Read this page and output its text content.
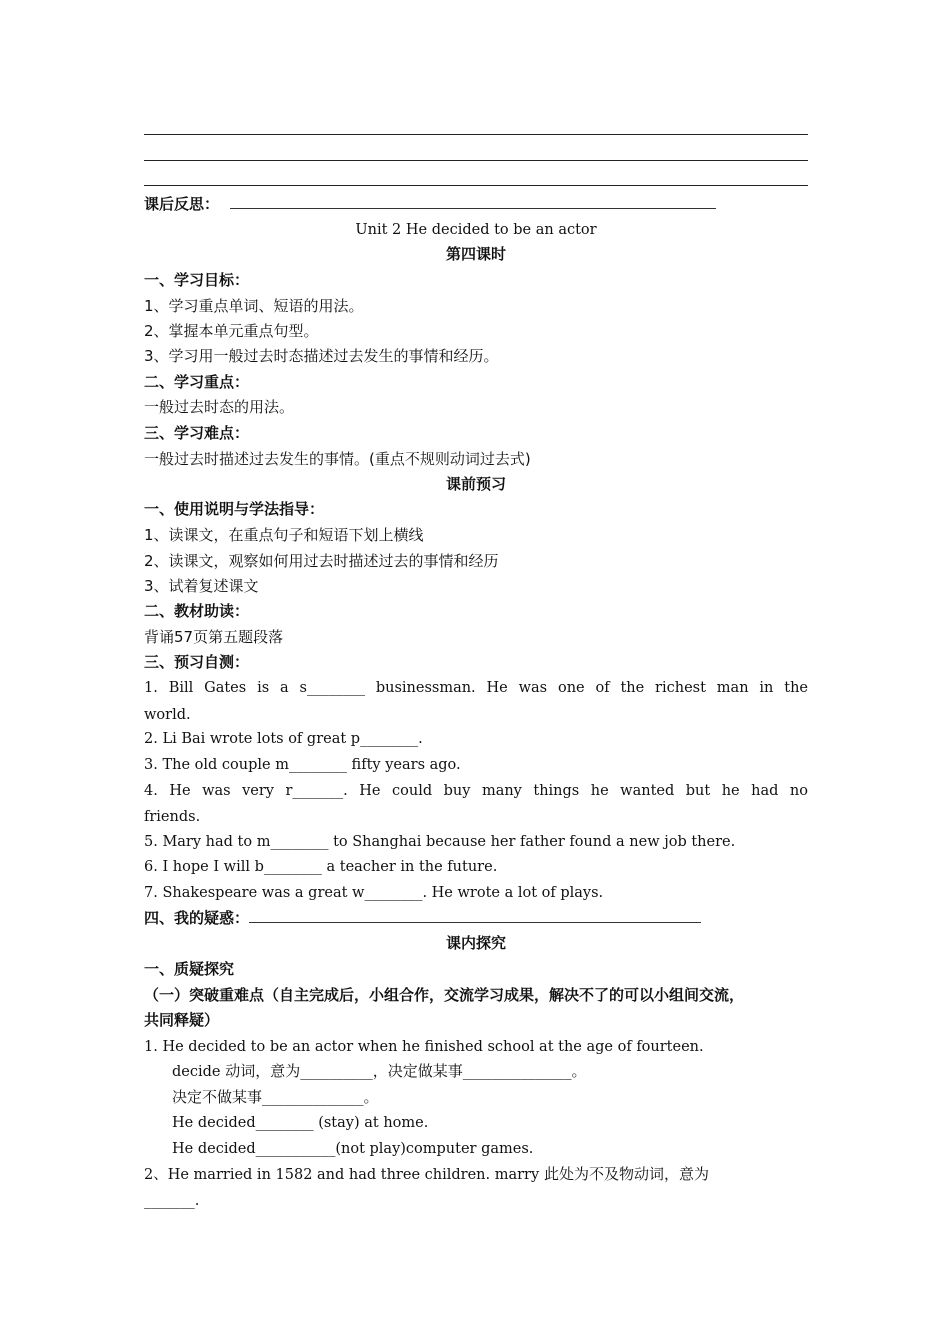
课后反思：
Unit 2 He decided to be an actor
第四课时
一、学习目标：
1、学习重点单词、短语的用法。
2、掌握本单元重点句型。
3、学习用一般过去时态描述过去发生的事情和经历。
二、学习重点：
一般过去时态的用法。
三、学习难点：
一般过去时描述过去发生的事情。(重点不规则动词过去式)
课前预习
一、使用说明与学法指导：
1、读课文，在重点句子和短语下划上横线
2、读课文，观察如何用过去时描述过去的事情和经历
3、试着复述课文
二、教材助读：
背诵57页第五题段落
三、预习自测：
1. Bill Gates is a s________ businessman. He was one of the richest man in the
world.
2. Li Bai wrote lots of great p________.
3. The old couple m________ fifty years ago.
4. He was very r_______. He could buy many things he wanted but he had no
friends.
5. Mary had to m________ to Shanghai because her father found a new job there.
6. I hope I will b________ a teacher in the future.
7. Shakespeare was a great w________. He wrote a lot of plays.
四、我的疑惑：
课内探究
一、质疑探究
（一）突破重难点（自主完成后，小组合作，交流学习成果，解决不了的可以小组间交流，
共同释疑）
1. He decided to be an actor when he finished school at the age of fourteen.
decide 动词，意为__________，决定做某事_______________。
决定不做某事______________。
He decided________ (stay) at home.
He decided___________(not play)computer games.
2、He married in 1582 and had three children. marry 此处为不及物动词，意为
_______.
